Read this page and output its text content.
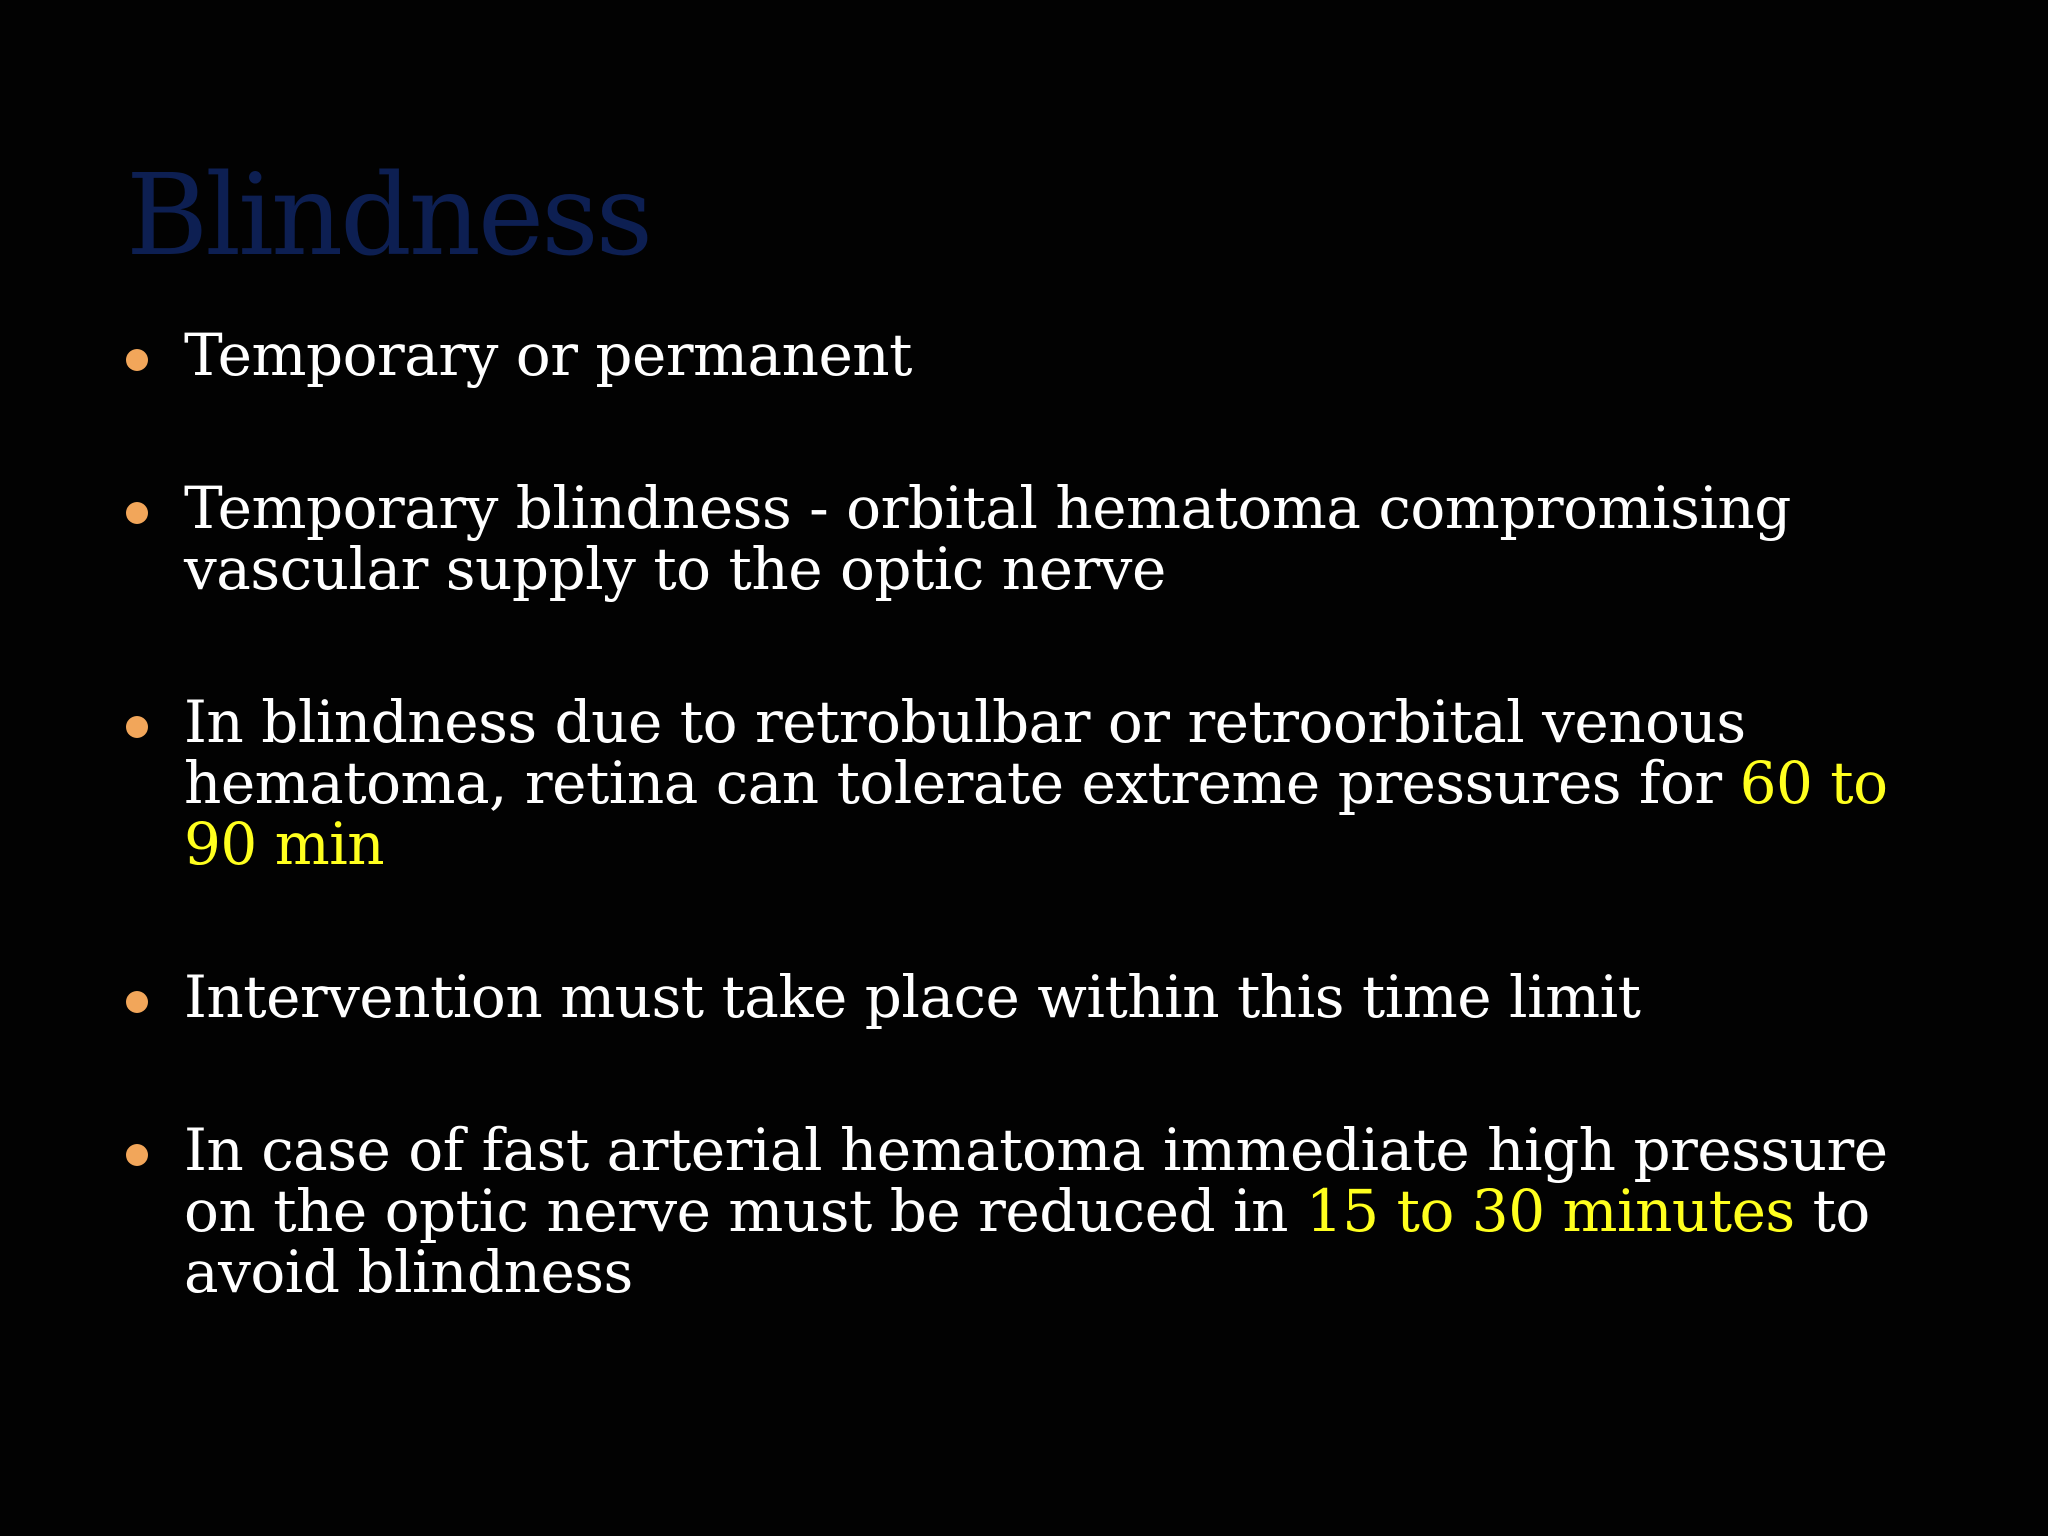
Blindness
Temporary or permanent
Temporary blindness - orbital hematoma compromising vascular supply to the optic nerve
In blindness due to retrobulbar or retroorbital venous hematoma, retina can tolerate extreme pressures for 60 to 90 min
Intervention must take place within this time limit
In case of fast arterial hematoma immediate high pressure on the optic nerve must be reduced in 15 to 30 minutes to avoid blindness
